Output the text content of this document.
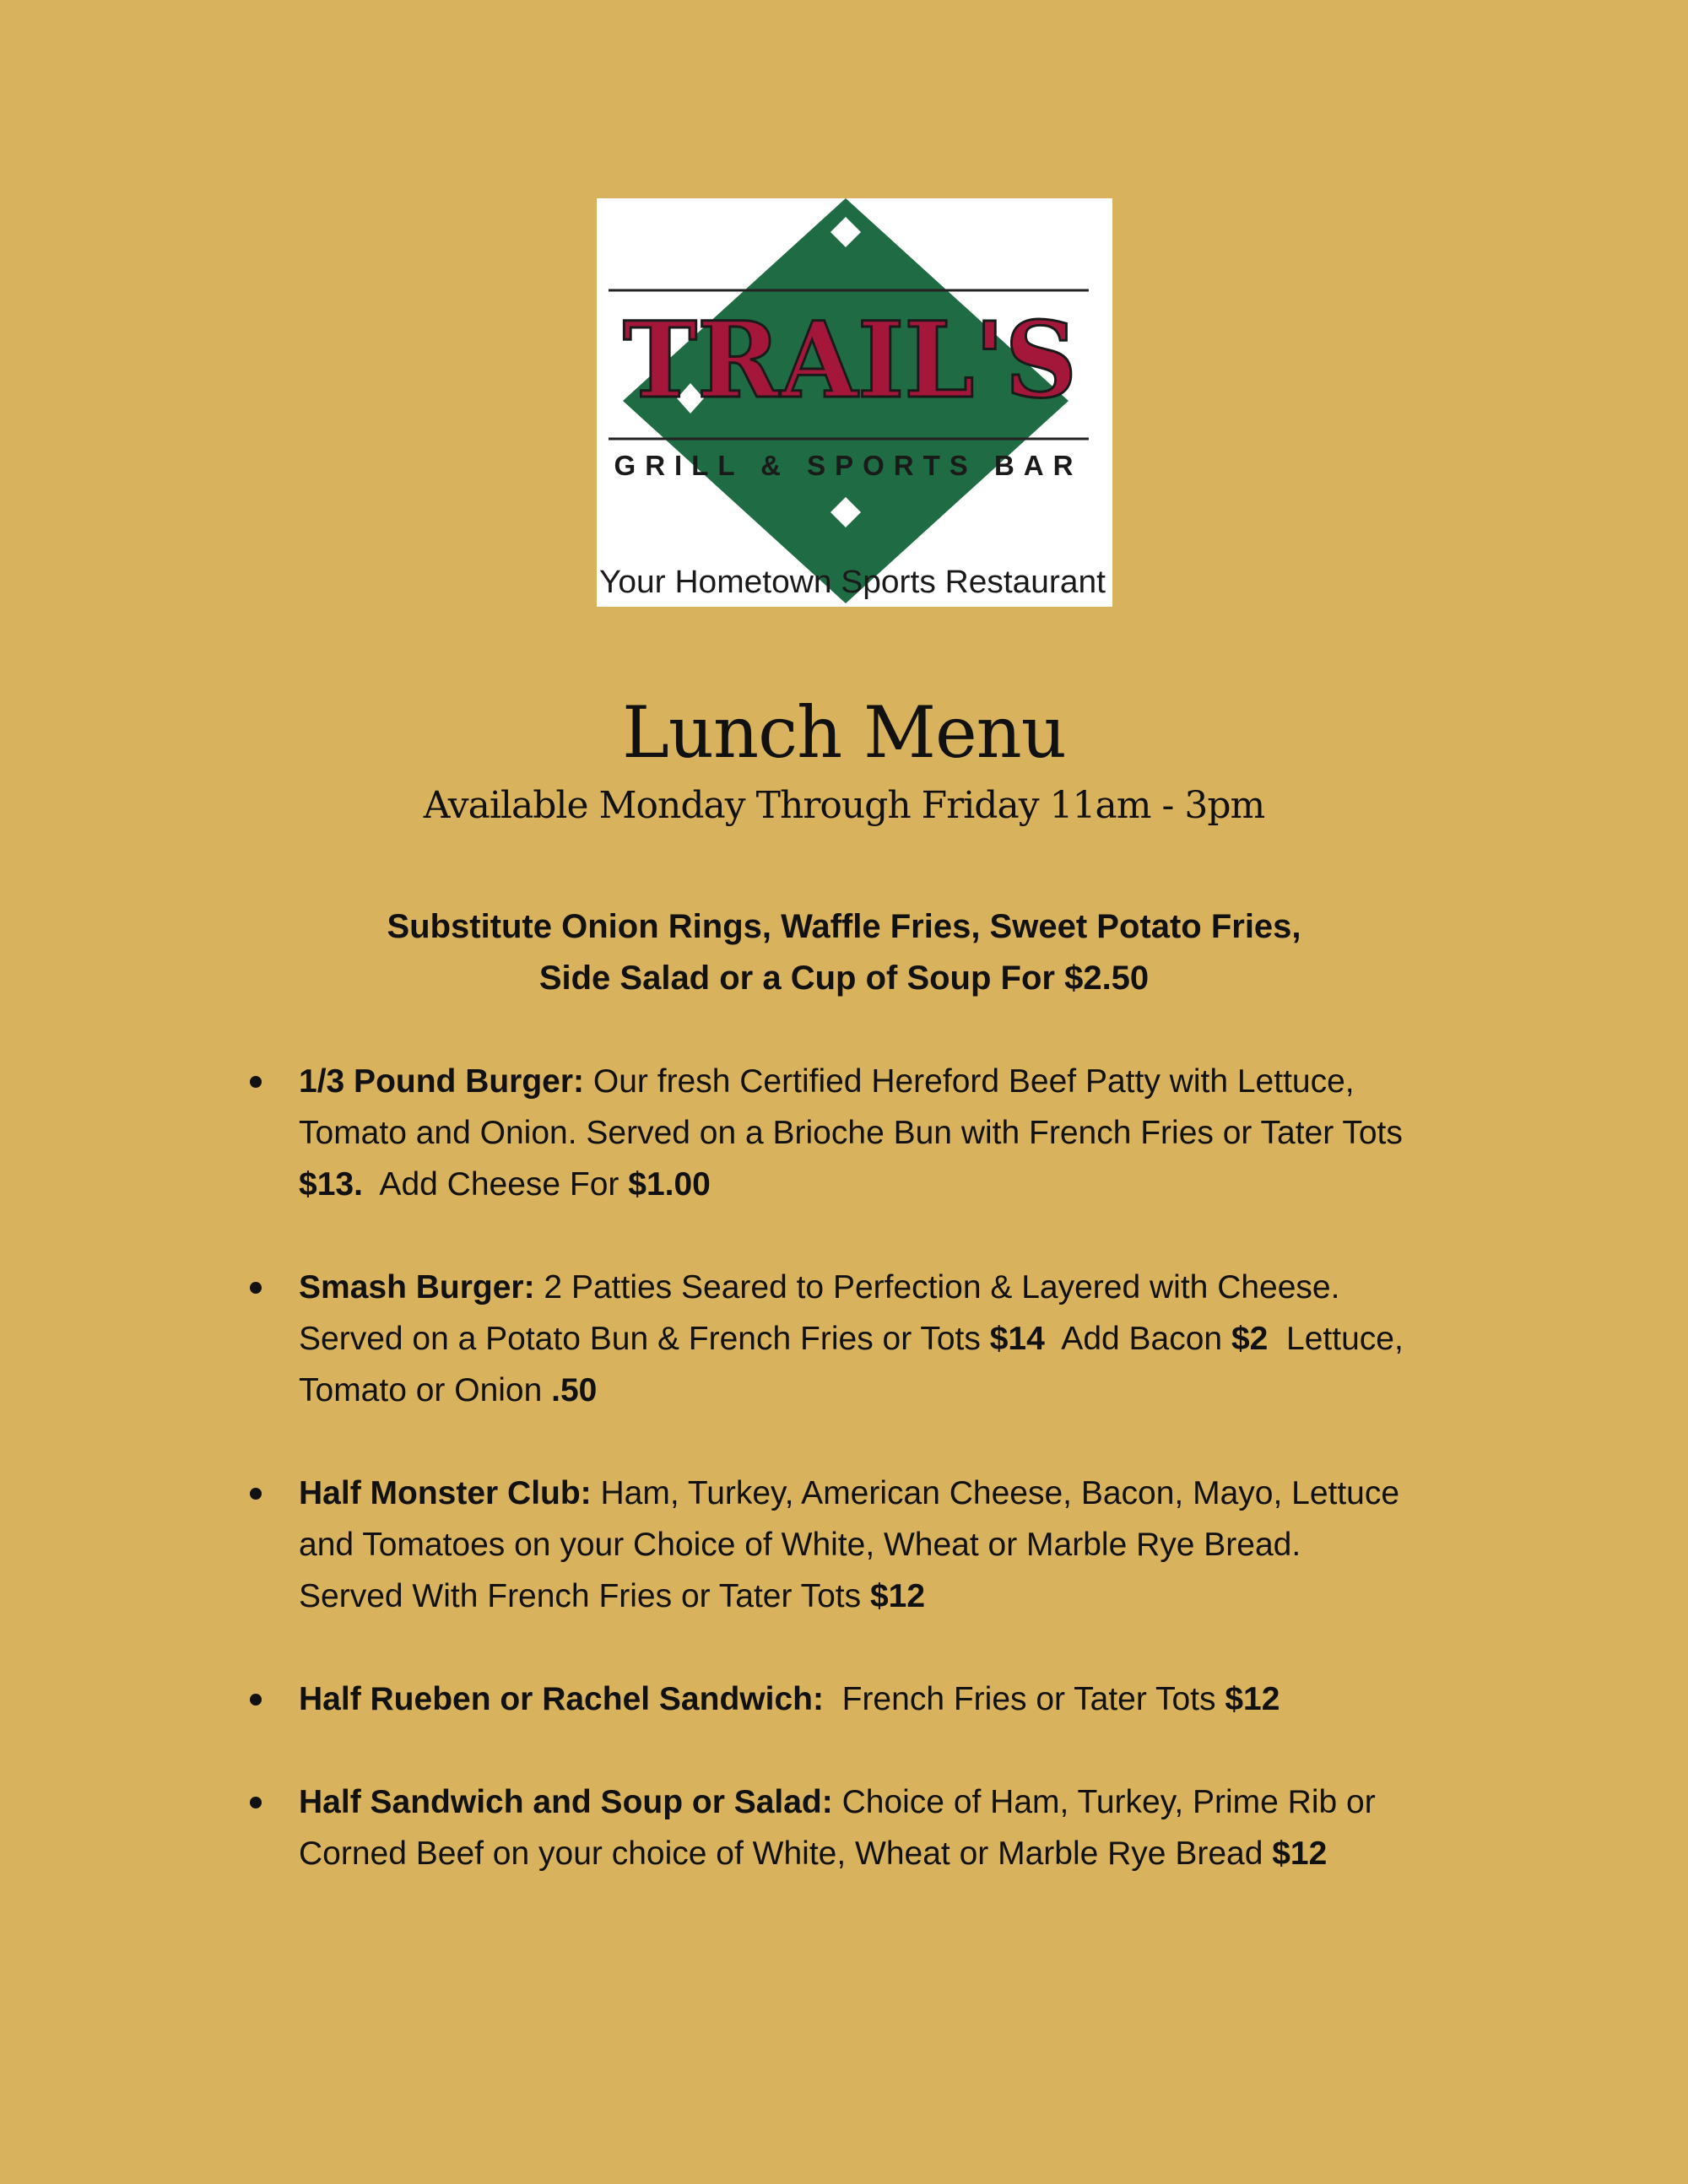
TRAIL'S
GRILL & SPORTS BAR
Your Hometown Sports Restaurant
Lunch Menu
Available Monday Through Friday 11am - 3pm
Substitute Onion Rings, Waffle Fries, Sweet Potato Fries,
Side Salad or a Cup of Soup For $2.50
1/3 Pound Burger: Our fresh Certified Hereford Beef Patty with Lettuce,
Tomato and Onion. Served on a Brioche Bun with French Fries or Tater Tots
$13.  Add Cheese For $1.00
Smash Burger: 2 Patties Seared to Perfection & Layered with Cheese.
Served on a Potato Bun & French Fries or Tots $14  Add Bacon $2  Lettuce,
Tomato or Onion .50
Half Monster Club: Ham, Turkey, American Cheese, Bacon, Mayo, Lettuce
and Tomatoes on your Choice of White, Wheat or Marble Rye Bread.
Served With French Fries or Tater Tots $12
Half Rueben or Rachel Sandwich:  French Fries or Tater Tots $12
Half Sandwich and Soup or Salad: Choice of Ham, Turkey, Prime Rib or
Corned Beef on your choice of White, Wheat or Marble Rye Bread $12
